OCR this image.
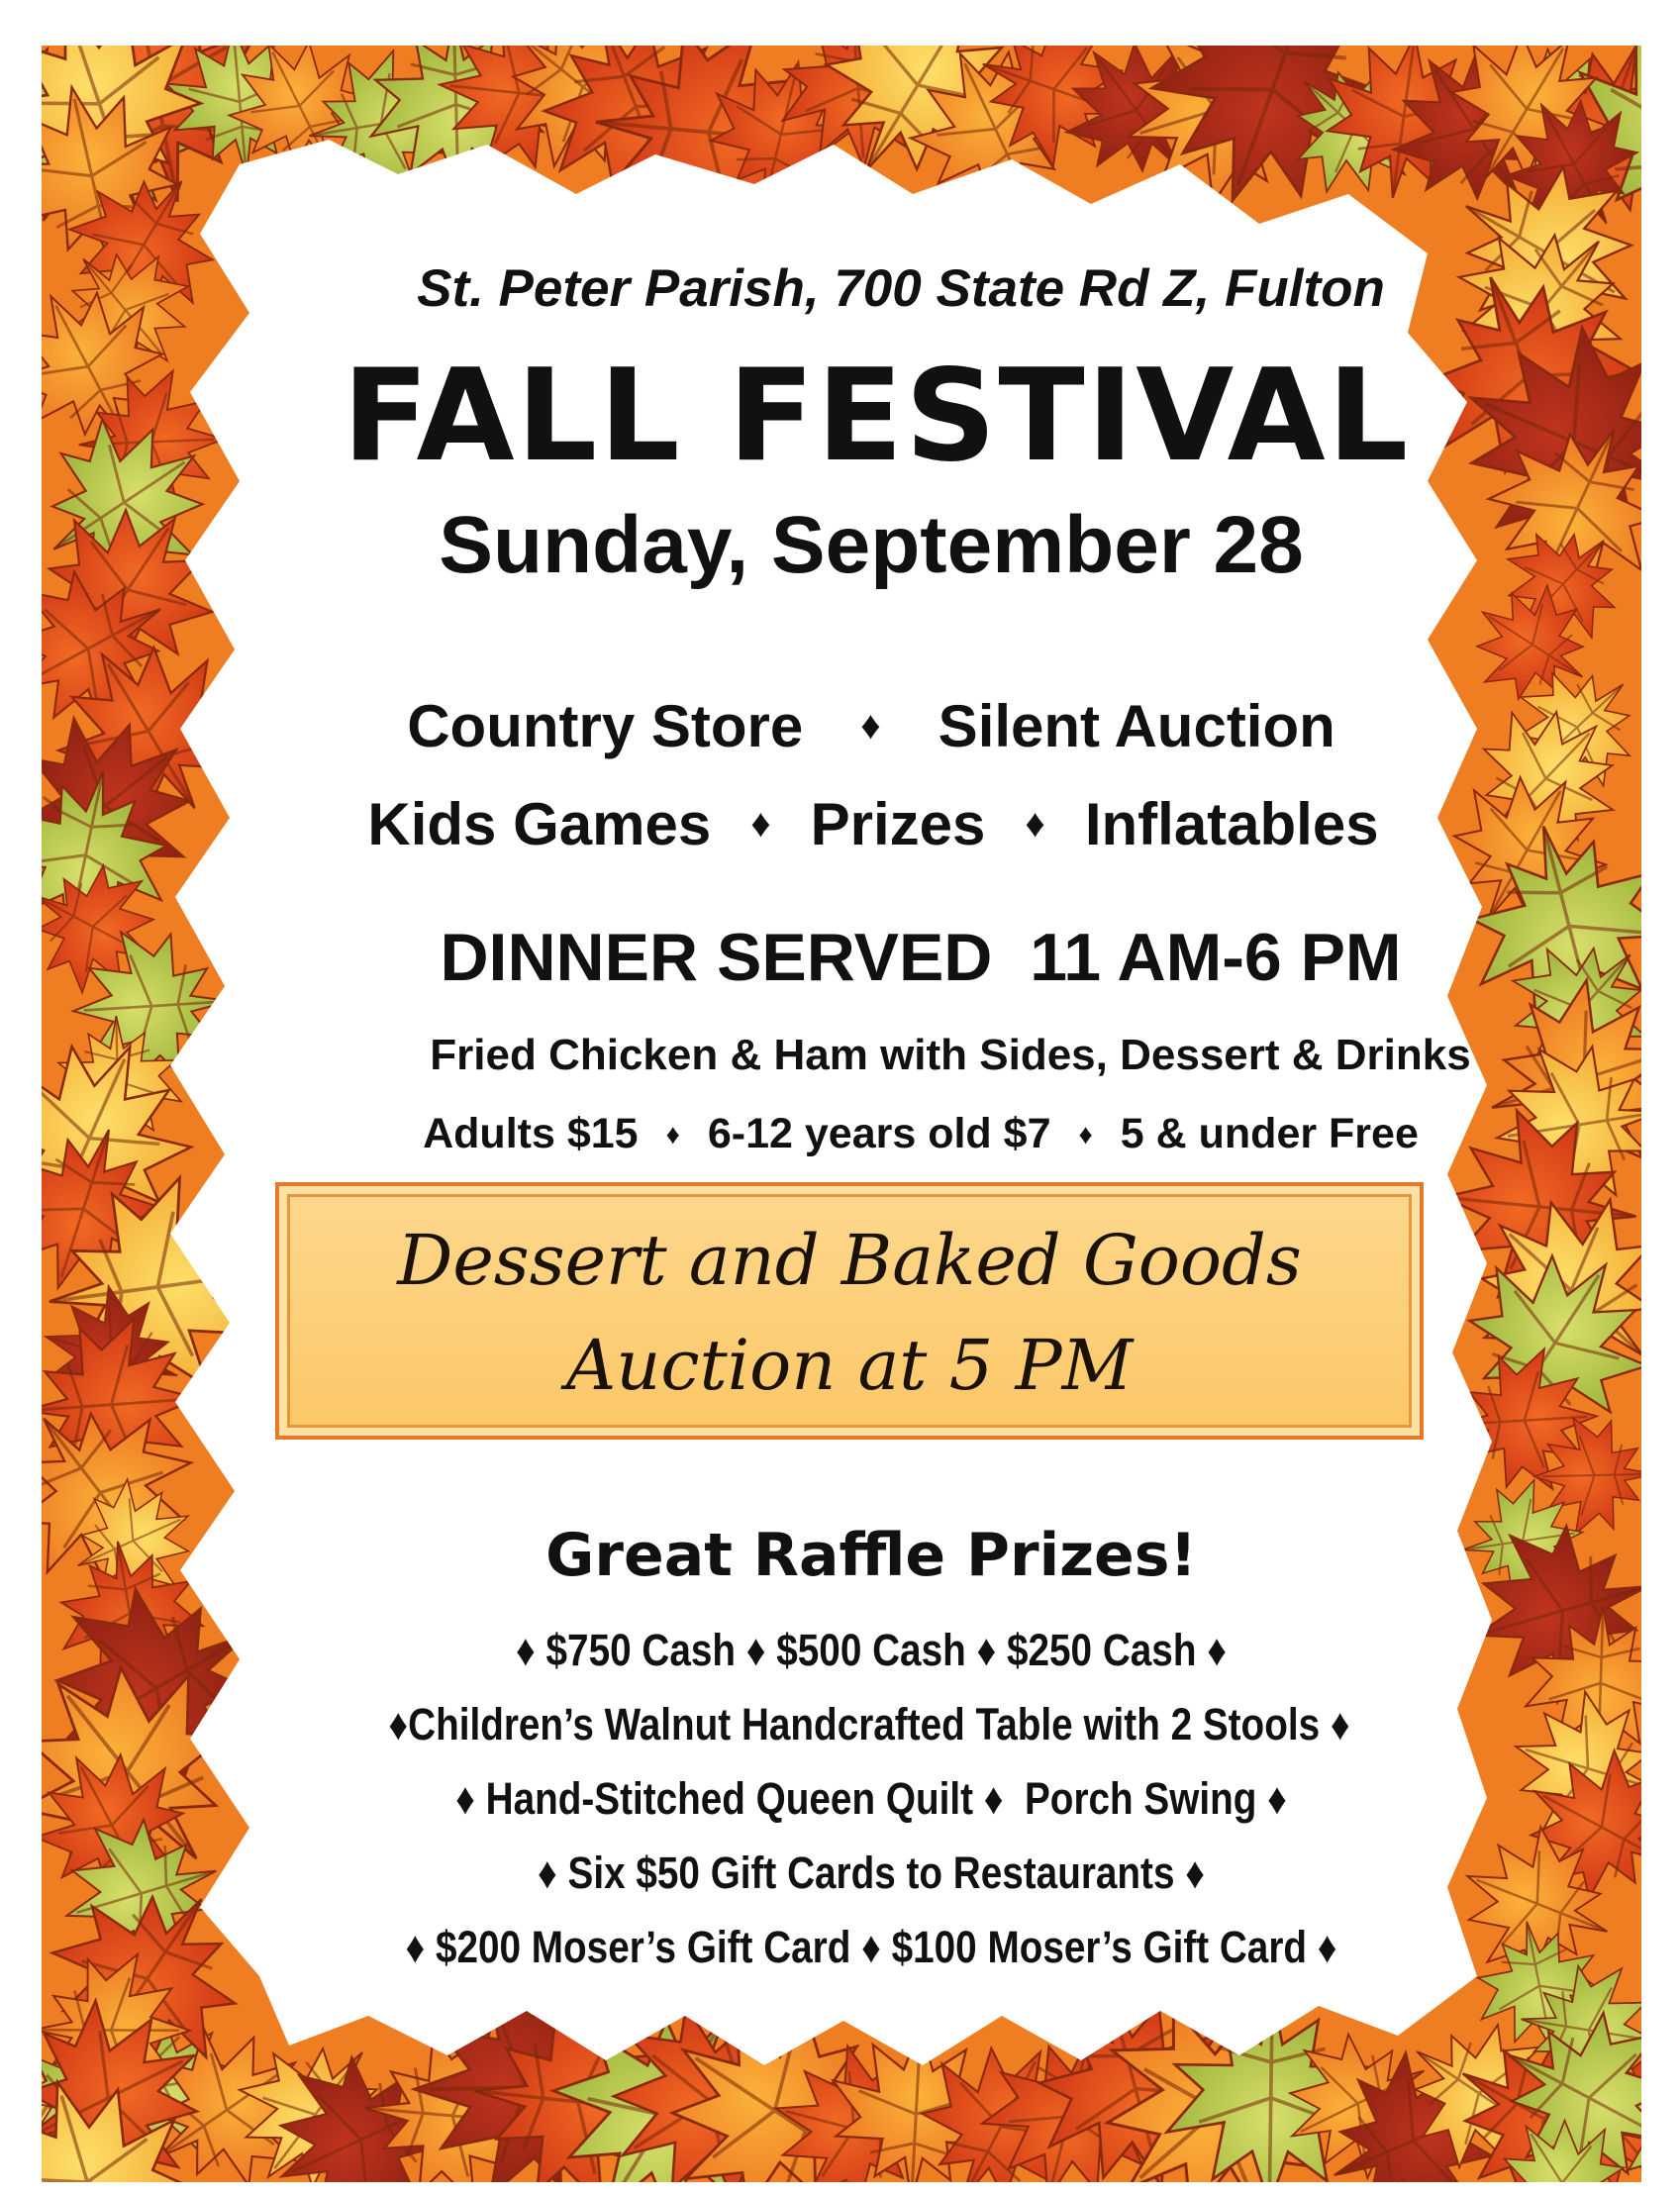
St. Peter Parish, 700 State Rd Z, Fulton
FALL FESTIVAL
Sunday, September 28
Country Store ♦ Silent Auction
Kids Games ♦ Prizes ♦ Inflatables
DINNER SERVED  11 AM-6 PM
Fried Chicken & Ham with Sides, Dessert & Drinks
Adults $15 ♦ 6-12 years old $7 ♦ 5 & under Free
Dessert and Baked Goods
Auction at 5 PM
Great Raffle Prizes!
♦ $750 Cash ♦ $500 Cash ♦ $250 Cash ♦
♦Children’s Walnut Handcrafted Table with 2 Stools ♦
♦ Hand-Stitched Queen Quilt ♦  Porch Swing ♦
♦ Six $50 Gift Cards to Restaurants ♦
♦ $200 Moser’s Gift Card ♦ $100 Moser’s Gift Card ♦
